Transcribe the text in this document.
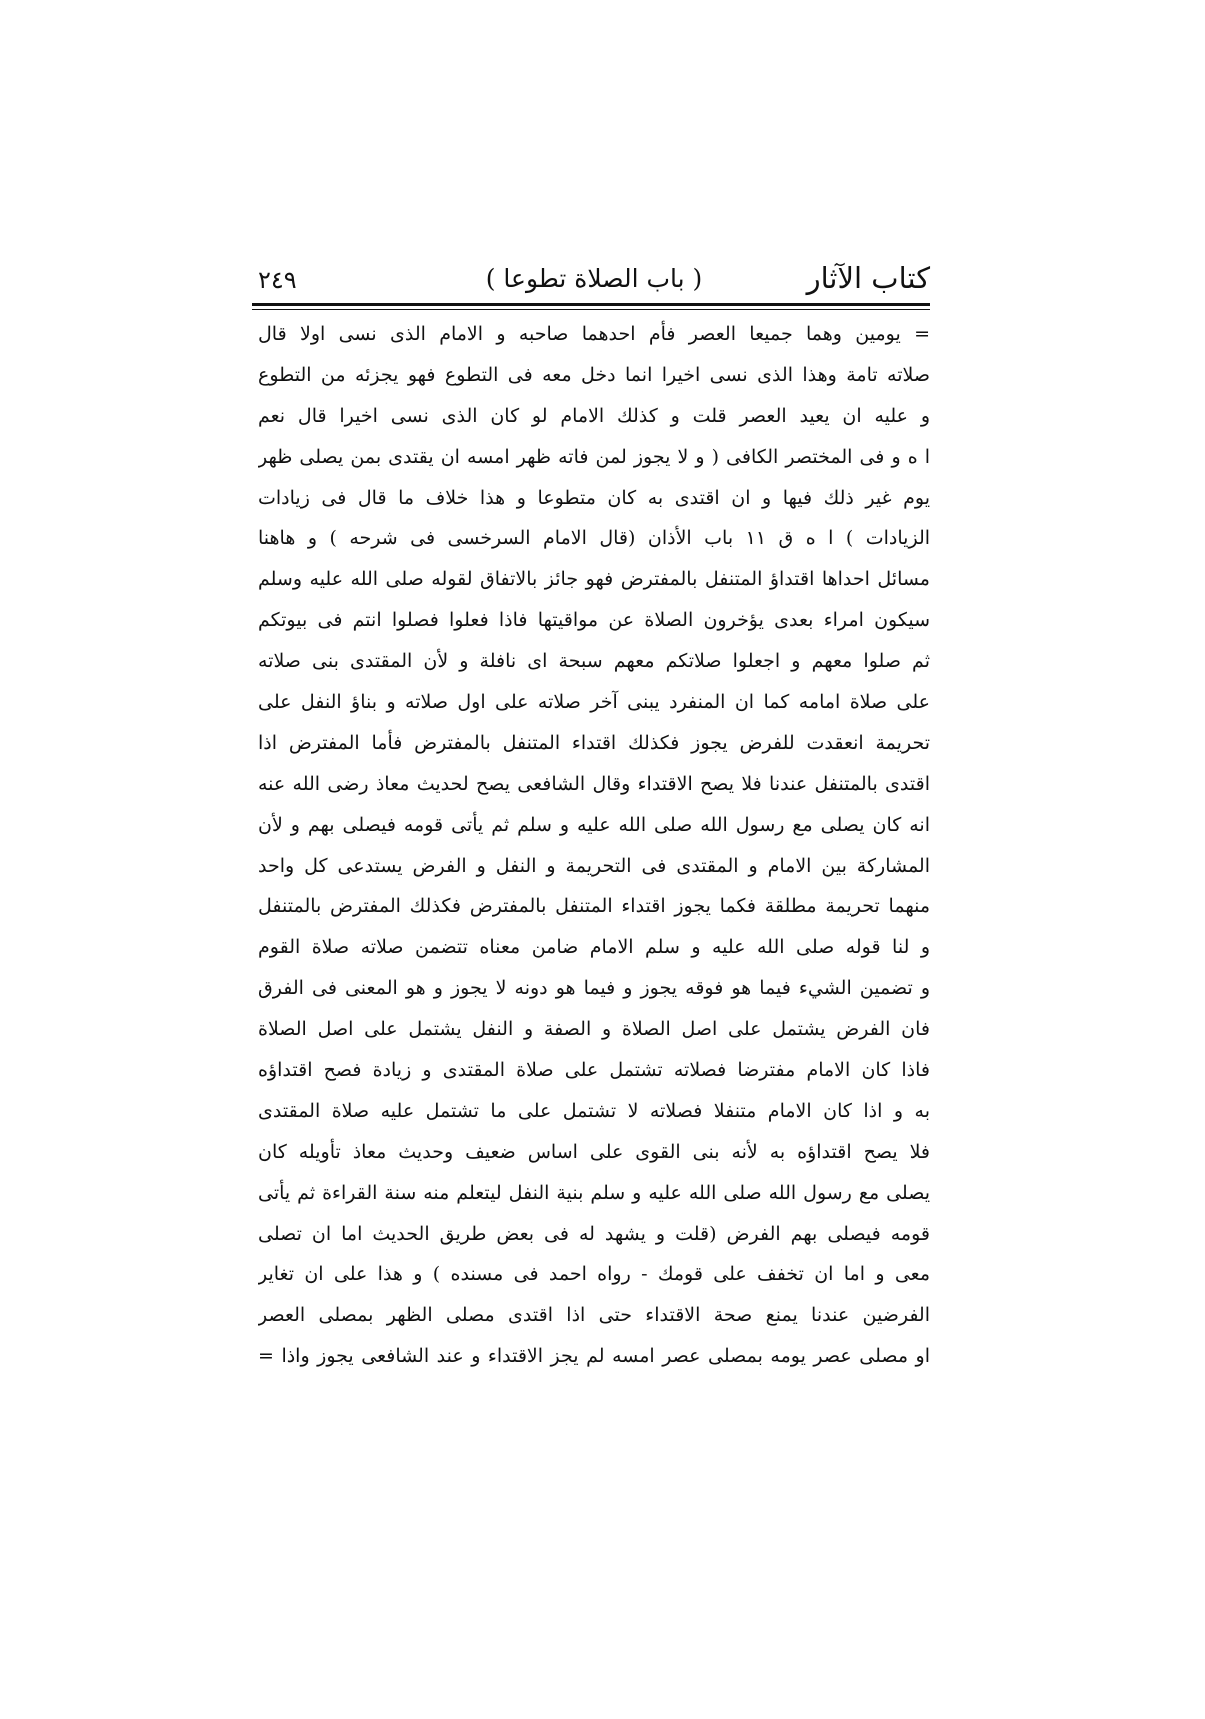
كتاب الآثار
( باب الصلاة تطوعا )
٢٤٩
= يومين وهما جميعا العصر فأم احدهما صاحبه و الامام الذى نسى اولا قال
صلاته تامة وهذا الذى نسى اخيرا انما دخل معه فى التطوع فهو يجزئه من التطوع
و عليه ان يعيد العصر قلت و كذلك الامام لو كان الذى نسى اخيرا قال نعم
ا ه و فى المختصر الكافى ( و لا يجوز لمن فاته ظهر امسه ان يقتدى بمن يصلى ظهر
يوم غير ذلك فيها و ان اقتدى به كان متطوعا و هذا خلاف ما قال فى زيادات
الزيادات ) ا ه ق ١١ باب الأذان (قال الامام السرخسى فى شرحه ) و هاهنا
مسائل احداها اقتداؤ المتنفل بالمفترض فهو جائز بالاتفاق لقوله صلى الله عليه وسلم
سيكون امراء بعدى يؤخرون الصلاة عن مواقيتها فاذا فعلوا فصلوا انتم فى بيوتكم
ثم صلوا معهم و اجعلوا صلاتكم معهم سبحة اى نافلة و لأن المقتدى بنى صلاته
على صلاة امامه كما ان المنفرد يبنى آخر صلاته على اول صلاته و بناؤ النفل على
تحريمة انعقدت للفرض يجوز فكذلك اقتداء المتنفل بالمفترض فأما المفترض اذا
اقتدى بالمتنفل عندنا فلا يصح الاقتداء وقال الشافعى يصح لحديث معاذ رضى الله عنه
انه كان يصلى مع رسول الله صلى الله عليه و سلم ثم يأتى قومه فيصلى بهم و لأن
المشاركة بين الامام و المقتدى فى التحريمة و النفل و الفرض يستدعى كل واحد
منهما تحريمة مطلقة فكما يجوز اقتداء المتنفل بالمفترض فكذلك المفترض بالمتنفل
و لنا قوله صلى الله عليه و سلم الامام ضامن معناه تتضمن صلاته صلاة القوم
و تضمين الشيء فيما هو فوقه يجوز و فيما هو دونه لا يجوز و هو المعنى فى الفرق
فان الفرض يشتمل على اصل الصلاة و الصفة و النفل يشتمل على اصل الصلاة
فاذا كان الامام مفترضا فصلاته تشتمل على صلاة المقتدى و زيادة فصح اقتداؤه
به و اذا كان الامام متنفلا فصلاته لا تشتمل على ما تشتمل عليه صلاة المقتدى
فلا يصح اقتداؤه به لأنه بنى القوى على اساس ضعيف وحديث معاذ تأويله كان
يصلى مع رسول الله صلى الله عليه و سلم بنية النفل ليتعلم منه سنة القراءة ثم يأتى
قومه فيصلى بهم الفرض (قلت و يشهد له فى بعض طريق الحديث اما ان تصلى
معى و اما ان تخفف على قومك - رواه احمد فى مسنده ) و هذا على ان تغاير
الفرضين عندنا يمنع صحة الاقتداء حتى اذا اقتدى مصلى الظهر بمصلى العصر
او مصلى عصر يومه بمصلى عصر امسه لم يجز الاقتداء و عند الشافعى يجوز واذا =
